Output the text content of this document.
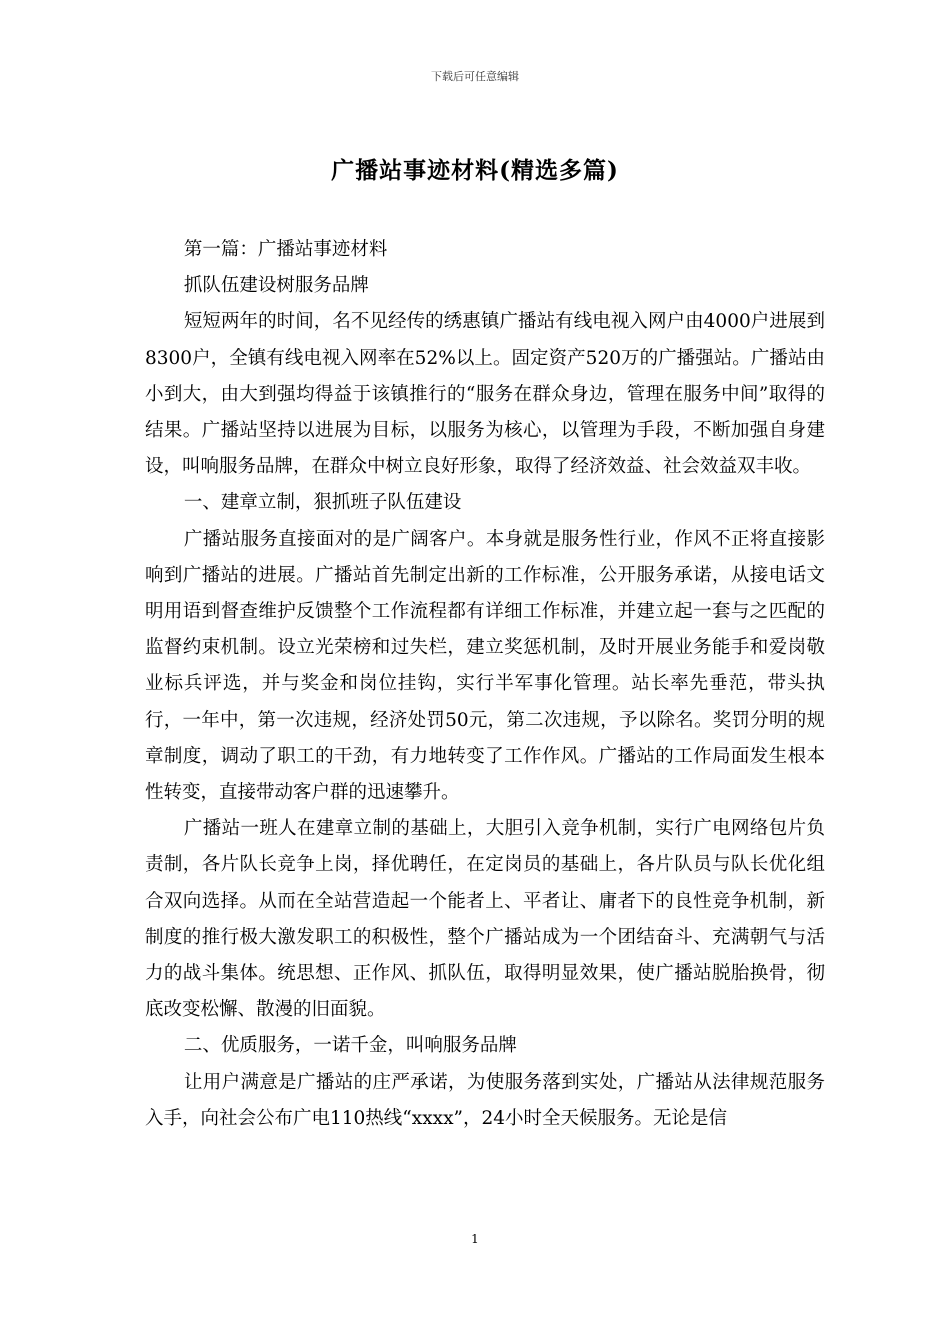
下载后可任意编辑
广播站事迹材料(精选多篇)

第一篇：广播站事迹材料

抓队伍建设树服务品牌

短短两年的时间，名不见经传的绣惠镇广播站有线电视入网户由4000户进展到8300户，全镇有线电视入网率在52%以上。固定资产520万的广播强站。广播站由小到大，由大到强均得益于该镇推行的“服务在群众身边，管理在服务中间”取得的结果。广播站坚持以进展为目标，以服务为核心，以管理为手段，不断加强自身建设，叫响服务品牌，在群众中树立良好形象，取得了经济效益、社会效益双丰收。

一、建章立制，狠抓班子队伍建设

广播站服务直接面对的是广阔客户。本身就是服务性行业，作风不正将直接影响到广播站的进展。广播站首先制定出新的工作标准，公开服务承诺，从接电话文明用语到督查维护反馈整个工作流程都有详细工作标准，并建立起一套与之匹配的监督约束机制。设立光荣榜和过失栏，建立奖惩机制，及时开展业务能手和爱岗敬业标兵评选，并与奖金和岗位挂钩，实行半军事化管理。站长率先垂范，带头执行，一年中，第一次违规，经济处罚50元，第二次违规，予以除名。奖罚分明的规章制度，调动了职工的干劲，有力地转变了工作作风。广播站的工作局面发生根本性转变，直接带动客户群的迅速攀升。

广播站一班人在建章立制的基础上，大胆引入竞争机制，实行广电网络包片负责制，各片队长竞争上岗，择优聘任，在定岗员的基础上，各片队员与队长优化组合双向选择。从而在全站营造起一个能者上、平者让、庸者下的良性竞争机制，新制度的推行极大激发职工的积极性，整个广播站成为一个团结奋斗、充满朝气与活力的战斗集体。统思想、正作风、抓队伍，取得明显效果，使广播站脱胎换骨，彻底改变松懈、散漫的旧面貌。

二、优质服务，一诺千金，叫响服务品牌

让用户满意是广播站的庄严承诺，为使服务落到实处，广播站从法律规范服务入手，向社会公布广电110热线“xxxx”，24小时全天候服务。无论是信

1
